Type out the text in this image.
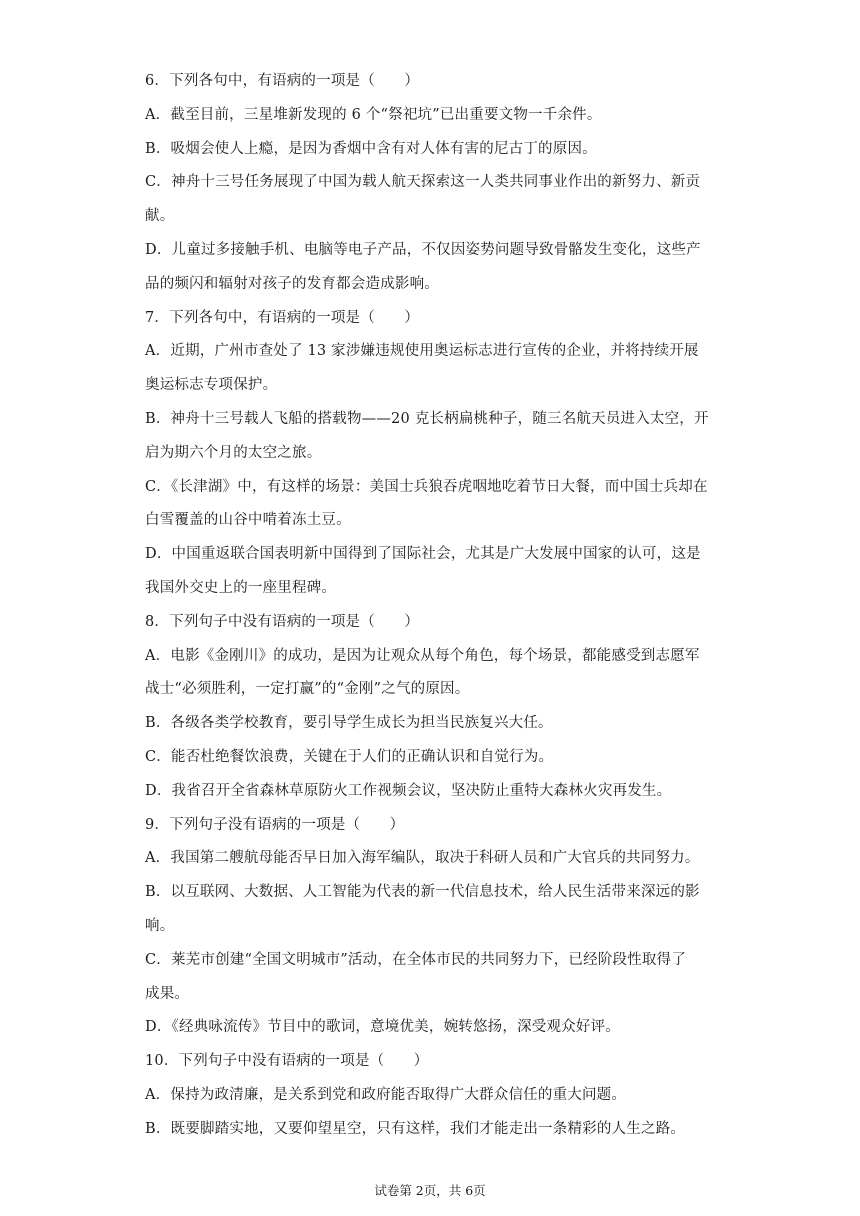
6．下列各句中，有语病的一项是（　　）
A．截至目前，三星堆新发现的 6 个“祭祀坑”已出重要文物一千余件。
B．吸烟会使人上瘾，是因为香烟中含有对人体有害的尼古丁的原因。
C．神舟十三号任务展现了中国为载人航天探索这一人类共同事业作出的新努力、新贡
献。
D．儿童过多接触手机、电脑等电子产品，不仅因姿势问题导致骨骼发生变化，这些产
品的频闪和辐射对孩子的发育都会造成影响。
7．下列各句中，有语病的一项是（　　）
A．近期，广州市查处了 13 家涉嫌违规使用奥运标志进行宣传的企业，并将持续开展
奥运标志专项保护。
B．神舟十三号载人飞船的搭载物——20 克长柄扁桃种子，随三名航天员进入太空，开
启为期六个月的太空之旅。
C．《长津湖》中，有这样的场景：美国士兵狼吞虎咽地吃着节日大餐，而中国士兵却在
白雪覆盖的山谷中啃着冻土豆。
D．中国重返联合国表明新中国得到了国际社会，尤其是广大发展中国家的认可，这是
我国外交史上的一座里程碑。
8．下列句子中没有语病的一项是（　　）
A．电影《金刚川》的成功，是因为让观众从每个角色，每个场景，都能感受到志愿军
战士“必须胜利，一定打赢”的“金刚”之气的原因。
B．各级各类学校教育，要引导学生成长为担当民族复兴大任。
C．能否杜绝餐饮浪费，关键在于人们的正确认识和自觉行为。
D．我省召开全省森林草原防火工作视频会议，坚决防止重特大森林火灾再发生。
9．下列句子没有语病的一项是（　　）
A．我国第二艘航母能否早日加入海军编队，取决于科研人员和广大官兵的共同努力。
B．以互联网、大数据、人工智能为代表的新一代信息技术，给人民生活带来深远的影
响。
C．莱芜市创建“全国文明城市”活动，在全体市民的共同努力下，已经阶段性取得了
成果。
D．《经典咏流传》节目中的歌词，意境优美，婉转悠扬，深受观众好评。
10．下列句子中没有语病的一项是（　　）
A．保持为政清廉，是关系到党和政府能否取得广大群众信任的重大问题。
B．既要脚踏实地，又要仰望星空，只有这样，我们才能走出一条精彩的人生之路。
试卷第 2页，共 6页
